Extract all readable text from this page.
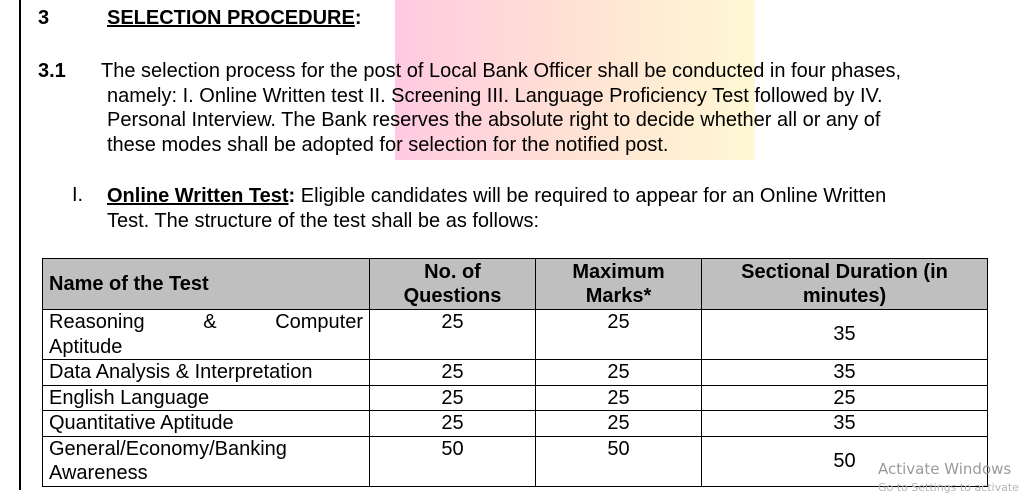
3	SELECTION PROCEDURE:
3.1 The selection process for the post of Local Bank Officer shall be conducted in four phases,
namely: I. Online Written test II. Screening III. Language Proficiency Test followed by IV.
Personal Interview. The Bank reserves the absolute right to decide whether all or any of
these modes shall be adopted for selection for the notified post.
I. Online Written Test: Eligible candidates will be required to appear for an Online Written
Test. The structure of the test shall be as follows:
Name of the Test	No. of Questions	Maximum Marks*	Sectional Duration (in minutes)

Reasoning & Computer
Aptitude	25	25	35
Data Analysis & Interpretation	25	25	35
English Language	25	25	25
Quantitative Aptitude	25	25	35

General/Economy/Banking
Awareness	50	50	50 Activate Windows
Go to Settings to activate
